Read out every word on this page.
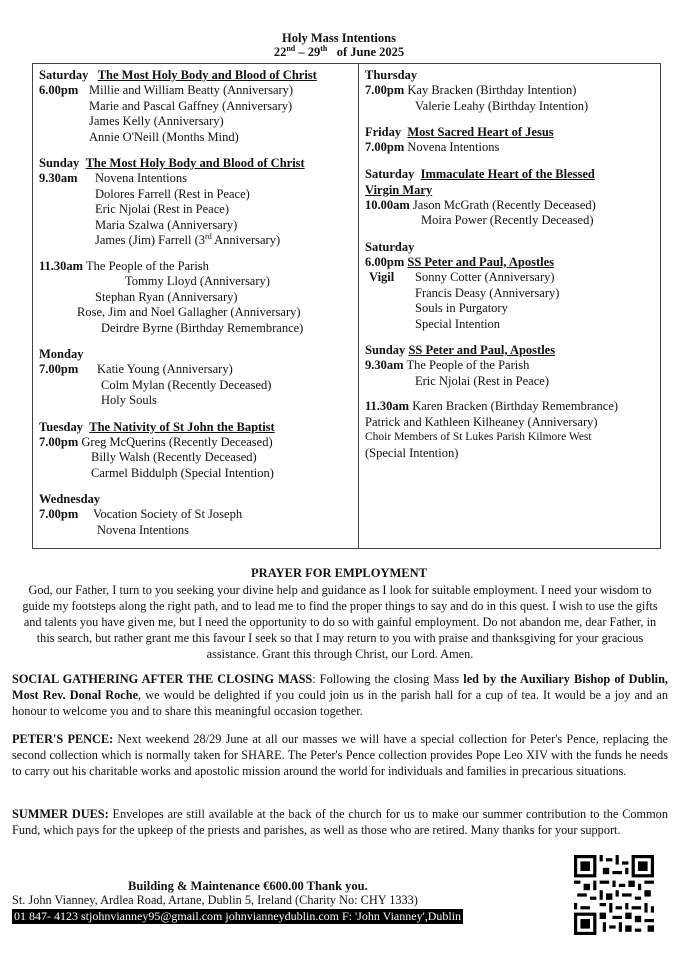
Holy Mass Intentions
22nd – 29th of June 2025
Saturday The Most Holy Body and Blood of Christ
6.00pm Millie and William Beatty (Anniversary)
Marie and Pascal Gaffney (Anniversary)
James Kelly (Anniversary)
Annie O'Neill (Months Mind)
Sunday The Most Holy Body and Blood of Christ
9.30am Novena Intentions
Dolores Farrell (Rest in Peace)
Eric Njolai (Rest in Peace)
Maria Szalwa (Anniversary)
James (Jim) Farrell (3rd Anniversary)
11.30am The People of the Parish
Tommy Lloyd (Anniversary)
Stephan Ryan (Anniversary)
Rose, Jim and Noel Gallagher (Anniversary)
Deirdre Byrne (Birthday Remembrance)
Monday
7.00pm Katie Young (Anniversary)
Colm Mylan (Recently Deceased)
Holy Souls
Tuesday The Nativity of St John the Baptist
7.00pm Greg McQuerins (Recently Deceased)
Billy Walsh (Recently Deceased)
Carmel Biddulph (Special Intention)
Wednesday
7.00pm Vocation Society of St Joseph
Novena Intentions
Thursday
7.00pm Kay Bracken (Birthday Intention)
Valerie Leahy (Birthday Intention)
Friday Most Sacred Heart of Jesus
7.00pm Novena Intentions
Saturday Immaculate Heart of the Blessed
Virgin Mary
10.00am Jason McGrath (Recently Deceased)
Moira Power (Recently Deceased)
Saturday
6.00pm SS Peter and Paul, Apostles
Vigil Sonny Cotter (Anniversary)
Francis Deasy (Anniversary)
Souls in Purgatory
Special Intention
Sunday SS Peter and Paul, Apostles
9.30am The People of the Parish
Eric Njolai (Rest in Peace)
11.30am Karen Bracken (Birthday Remembrance)
Patrick and Kathleen Kilheaney (Anniversary)
Choir Members of St Lukes Parish Kilmore West
(Special Intention)
PRAYER FOR EMPLOYMENT
God, our Father, I turn to you seeking your divine help and guidance as I look for suitable employment. I need your wisdom to guide my footsteps along the right path, and to lead me to find the proper things to say and do in this quest. I wish to use the gifts and talents you have given me, but I need the opportunity to do so with gainful employment. Do not abandon me, dear Father, in this search, but rather grant me this favour I seek so that I may return to you with praise and thanksgiving for your gracious assistance. Grant this through Christ, our Lord. Amen.
SOCIAL GATHERING AFTER THE CLOSING MASS: Following the closing Mass led by the Auxiliary Bishop of Dublin, Most Rev. Donal Roche, we would be delighted if you could join us in the parish hall for a cup of tea. It would be a joy and an honour to welcome you and to share this meaningful occasion together.
PETER'S PENCE: Next weekend 28/29 June at all our masses we will have a special collection for Peter's Pence, replacing the second collection which is normally taken for SHARE. The Peter's Pence collection provides Pope Leo XIV with the funds he needs to carry out his charitable works and apostolic mission around the world for individuals and families in precarious situations.
SUMMER DUES: Envelopes are still available at the back of the church for us to make our summer contribution to the Common Fund, which pays for the upkeep of the priests and parishes, as well as those who are retired. Many thanks for your support.
Building & Maintenance €600.00 Thank you.
St. John Vianney, Ardlea Road, Artane, Dublin 5, Ireland (Charity No: CHY 1333)
01 847- 4123 stjohnvianney95@gmail.com johnvianneydublin.com F: 'John Vianney',Dublin
